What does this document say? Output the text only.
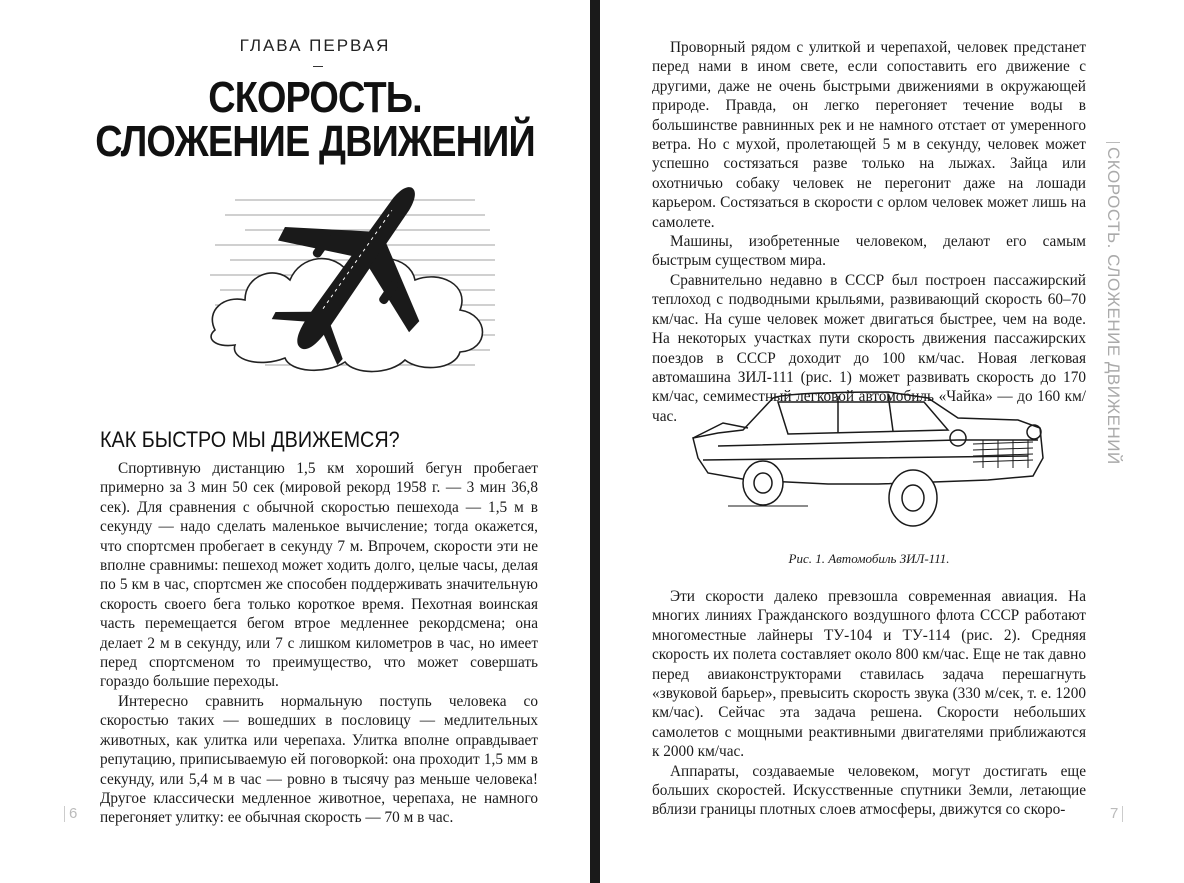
ГЛАВА ПЕРВАЯ
СКОРОСТЬ.
СЛОЖЕНИЕ ДВИЖЕНИЙ
КАК БЫСТРО МЫ ДВИЖЕМСЯ?

Спортивную дистанцию 1,5 км хороший бегун пробегает примерно за 3 мин 50 сек (мировой рекорд 1958 г. — 3 мин 36,8 сек). Для сравнения с обычной скоростью пешехода — 1,5 м в секунду — надо сделать маленькое вычисление; тогда окажется, что спортсмен пробегает в секунду 7 м. Впрочем, скорости эти не вполне сравнимы: пешеход может ходить долго, целые часы, делая по 5 км в час, спортсмен же способен поддерживать значительную скорость своего бега только короткое время. Пехотная воинская часть перемещается бегом втрое медленнее рекордсмена; она делает 2 м в секунду, или 7 с лишком километров в час, но имеет перед спортсменом то преимущество, что может совершать гораздо большие переходы.

Интересно сравнить нормальную поступь человека со скоростью таких — вошедших в пословицу — медлительных животных, как улитка или черепаха. Улитка вполне оправдывает репутацию, приписываемую ей поговоркой: она проходит 1,5 мм в секунду, или 5,4 м в час — ровно в тысячу раз меньше человека! Другое классически медленное животное, черепаха, не намного перегоняет улитку: ее обычная скорость — 70 м в час.

6

Проворный рядом с улиткой и черепахой, человек предстанет перед нами в ином свете, если сопоставить его движение с другими, даже не очень быстрыми движениями в окружающей природе. Правда, он легко перегоняет течение воды в большинстве равнинных рек и не намного отстает от умеренного ветра. Но с мухой, пролетающей 5 м в секунду, человек может успешно состязаться разве только на лыжах. Зайца или охотничью собаку человек не перегонит даже на лошади карьером. Состязаться в скорости с орлом человек может лишь на самолете.

Машины, изобретенные человеком, делают его самым быстрым существом мира.

Сравнительно недавно в СССР был построен пассажирский теплоход с подводными крыльями, развивающий скорость 60–70 км/час. На суше человек может двигаться быстрее, чем на воде. На некоторых участках пути скорость движения пассажирских поездов в СССР доходит до 100 км/час. Новая легковая автомашина ЗИЛ-111 (рис. 1) может развивать скорость до 170 км/час, семиместный легковой автомобиль «Чайка» — до 160 км/час.

Рис. 1. Автомобиль ЗИЛ-111.

Эти скорости далеко превзошла современная авиация. На многих линиях Гражданского воздушного флота СССР работают многоместные лайнеры ТУ-104 и ТУ-114 (рис. 2). Средняя скорость их полета составляет около 800 км/час. Еще не так давно перед авиаконструкторами ставилась задача перешагнуть «звуковой барьер», превысить скорость звука (330 м/сек, т. е. 1200 км/час). Сейчас эта задача решена. Скорости небольших самолетов с мощными реактивными двигателями приближаются к 2000 км/час.

Аппараты, создаваемые человеком, могут достигать еще больших скоростей. Искусственные спутники Земли, летающие вблизи границы плотных слоев атмосферы, движутся со скоро-

СКОРОСТЬ. СЛОЖЕНИЕ ДВИЖЕНИЙ
7
